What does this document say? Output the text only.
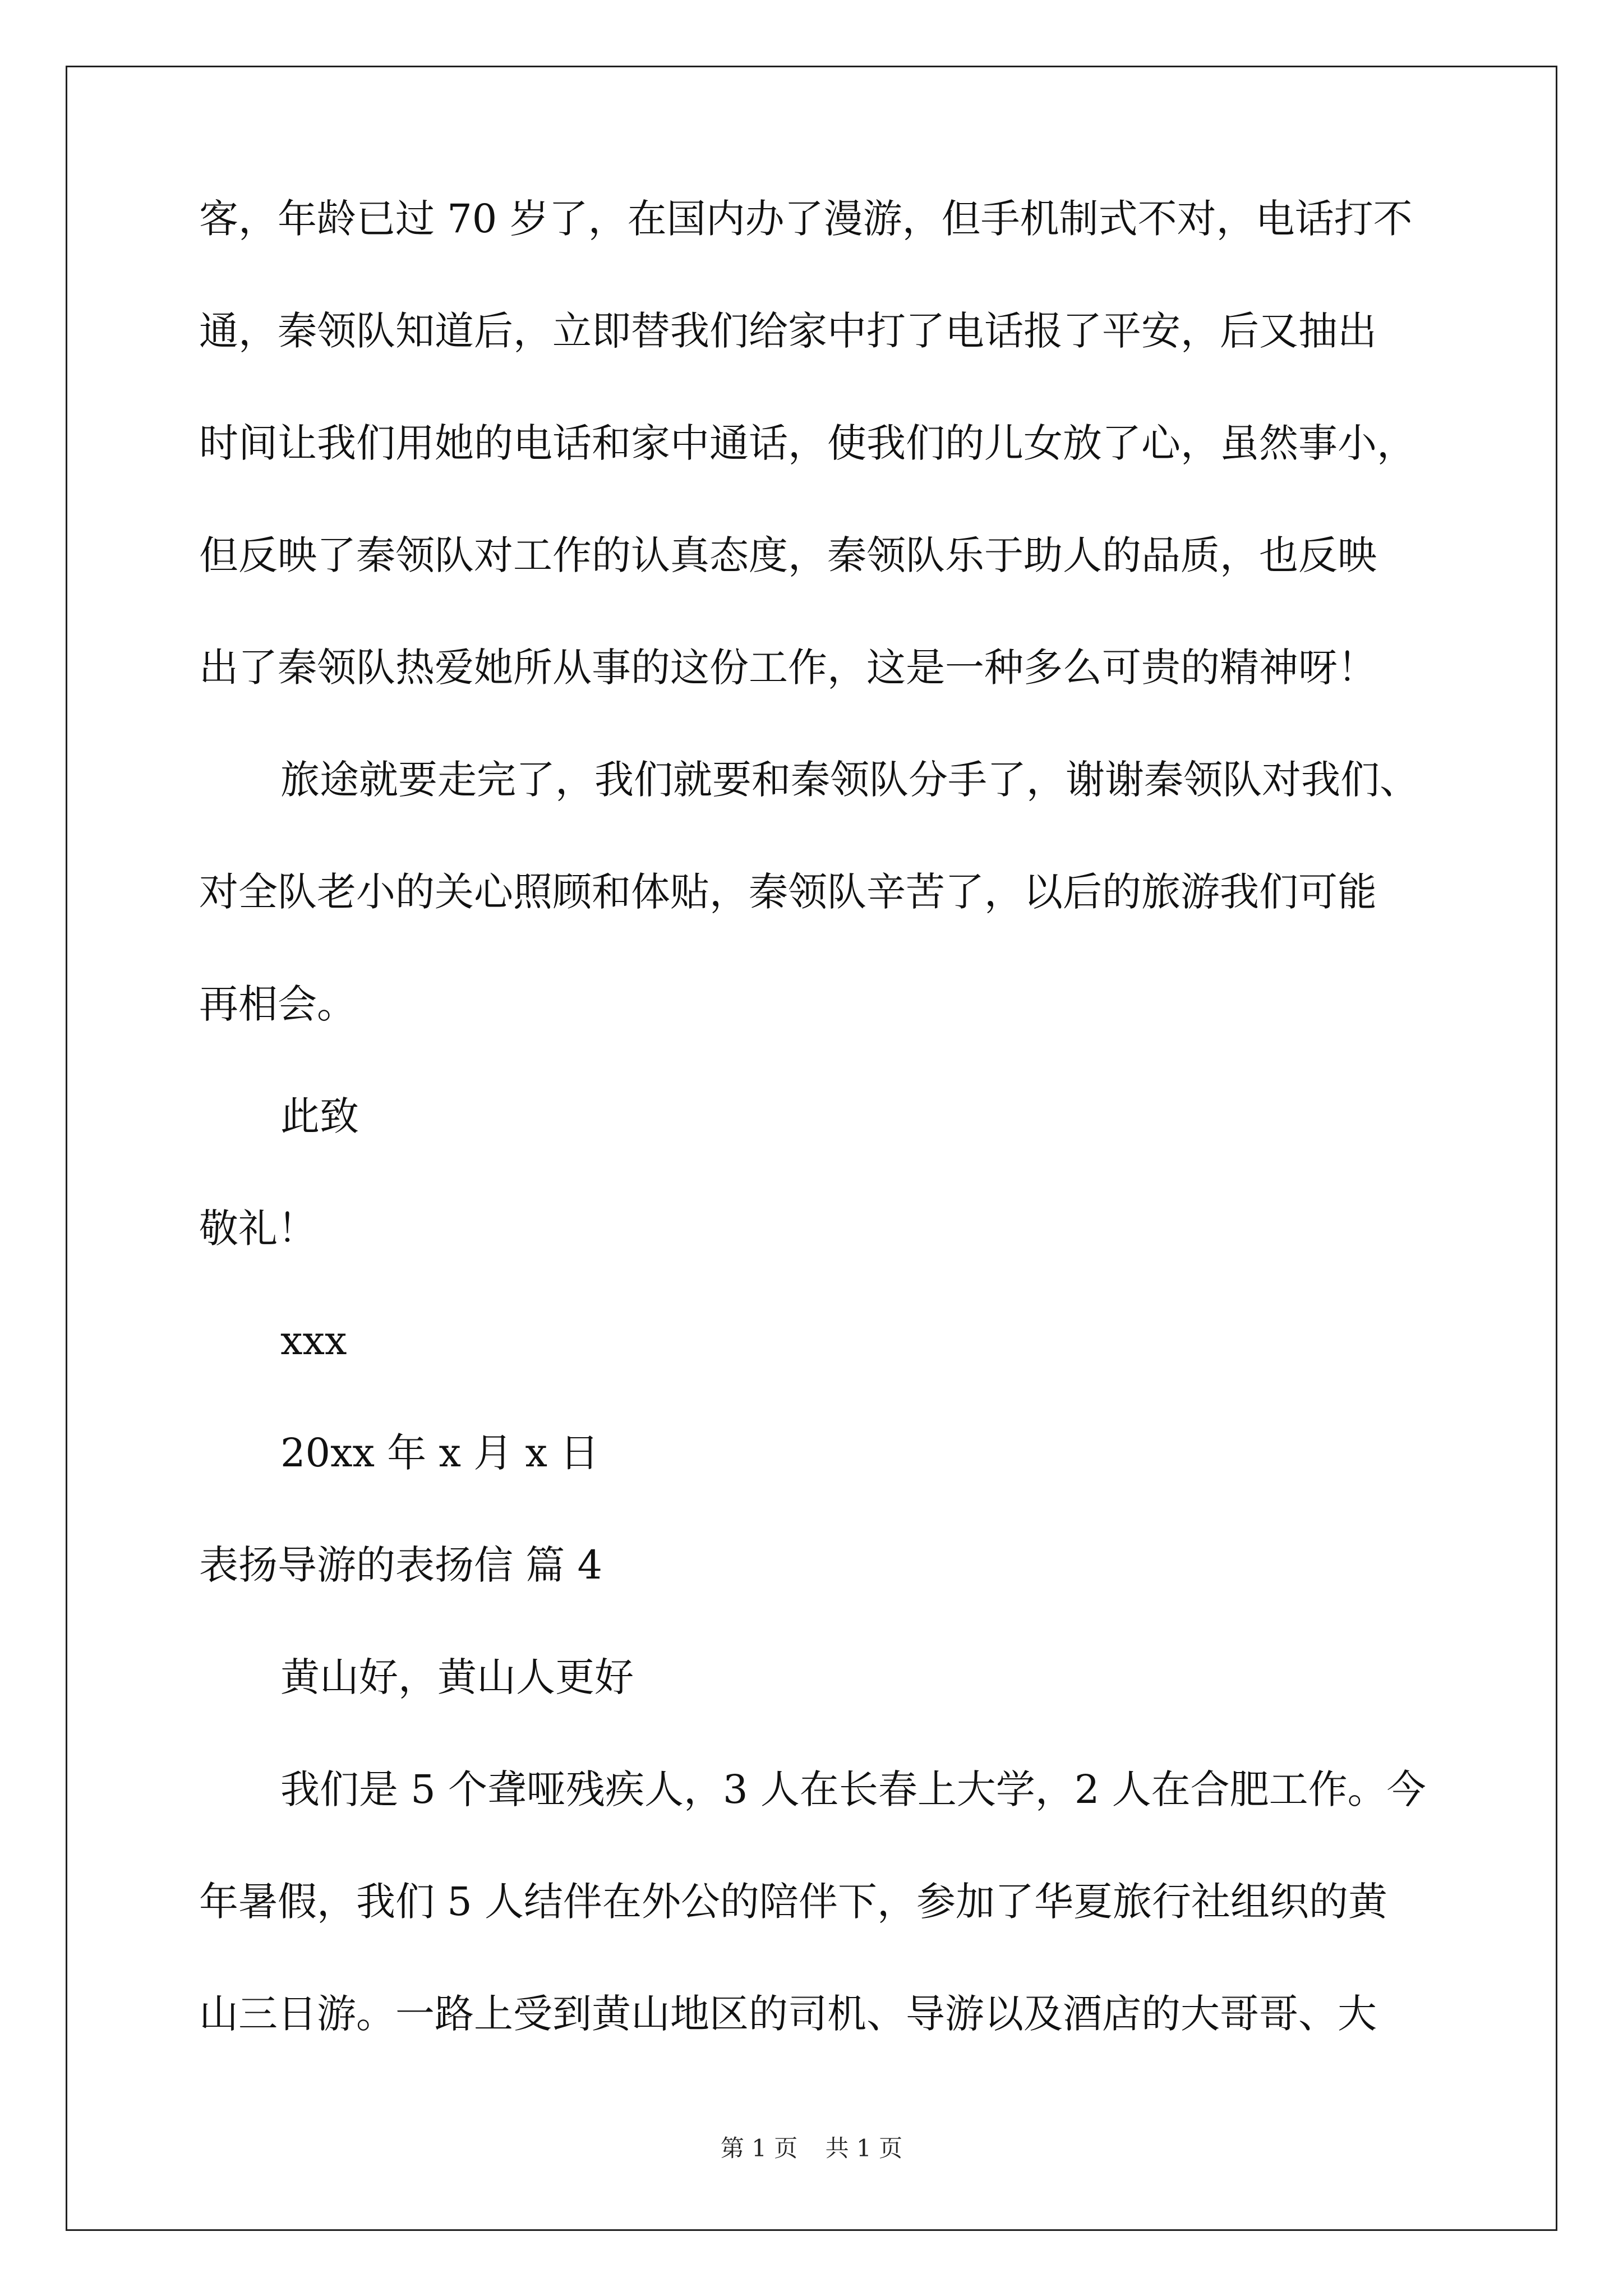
客，年龄已过 70 岁了，在国内办了漫游，但手机制式不对，电话打不
通，秦领队知道后，立即替我们给家中打了电话报了平安，后又抽出
时间让我们用她的电话和家中通话，使我们的儿女放了心，虽然事小，
但反映了秦领队对工作的认真态度，秦领队乐于助人的品质，也反映
出了秦领队热爱她所从事的这份工作，这是一种多么可贵的精神呀！
旅途就要走完了，我们就要和秦领队分手了，谢谢秦领队对我们、
对全队老小的关心照顾和体贴，秦领队辛苦了，以后的旅游我们可能
再相会。
此致
敬礼！
xxx
20xx 年 x 月 x 日
表扬导游的表扬信 篇 4
黄山好，黄山人更好
我们是 5 个聋哑残疾人，3 人在长春上大学，2 人在合肥工作。今
年暑假，我们 5 人结伴在外公的陪伴下，参加了华夏旅行社组织的黄
山三日游。一路上受到黄山地区的司机、导游以及酒店的大哥哥、大
第 1 页 共 1 页
